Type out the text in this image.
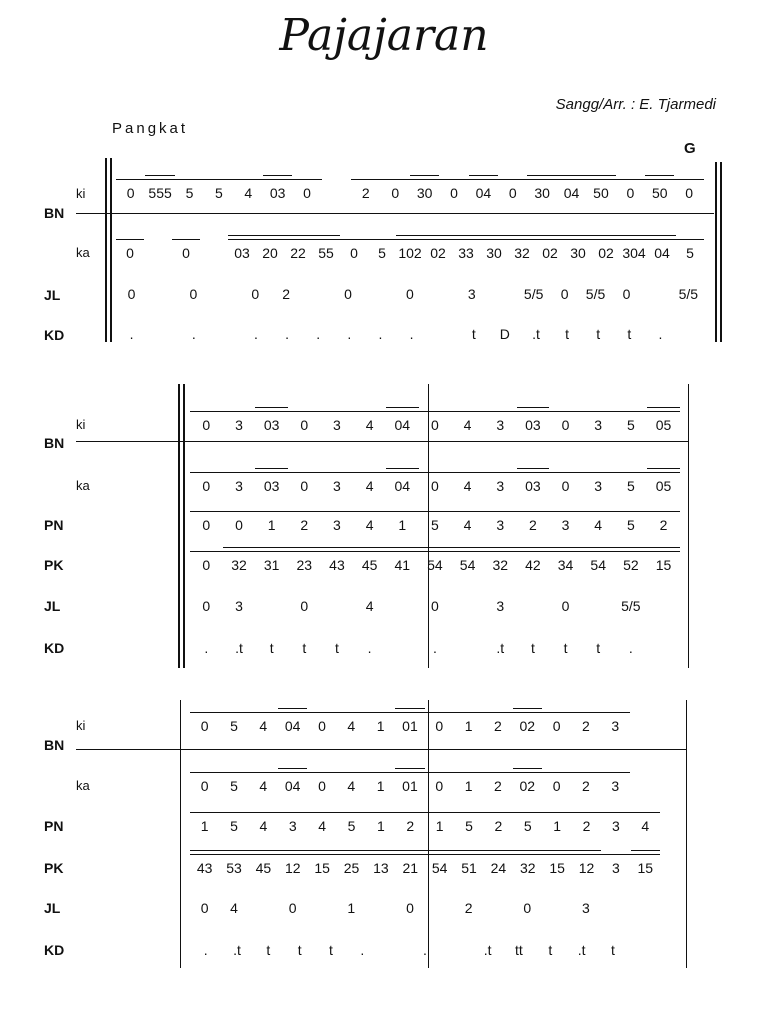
Pajajaran
Sangg/Arr. : E. Tjarmedi
Pangkat
G
ki
BN
ka
JL
KD
0 555 5	5	4	03	0	2	0	30	0	04	0	30 04 50	0	50	0
0	0	03 20 22 55	0	5 102 02 33 30 32 02 30 02 304 04	5
0	0	0	2	0	0	3	5/5	0	5/5	0	5/5
.	.	.	.	.	.	.	.	t	D	.t	t	t	t	.
ki
BN
ka
PN
PK
JL
KD
0	3	03	0	3	4	04	0	4	3	03	0	3	5	05
0	3	03	0	3	4	04	0	4	3	03	0	3	5	05
0	0	1	2	3	4	1	5	4	3	2	3	4	5	2
0	32	31	23	43	45	41	54	54	32	42	34	54	52	15
0	3	0	4	0	3	0	5/5
.	.t	t	t	t	.	.	.t	t	t	t	.
ki
BN
ka
PN
PK
JL
KD
0	5	4	04	0	4	1	01	0	1	2	02	0	2	3
0	5	4	04	0	4	1	01	0	1	2	02	0	2	3
1	5	4	3	4	5	1	2	1	5	2	5	1	2	3	4
43 53 45 12 15 25 13 21 54 51 24 32 15 12	3	15
0	4	0	1	0	2	0	3
.	.t	t	t	t	.	.	.t	tt	t	.t	t
